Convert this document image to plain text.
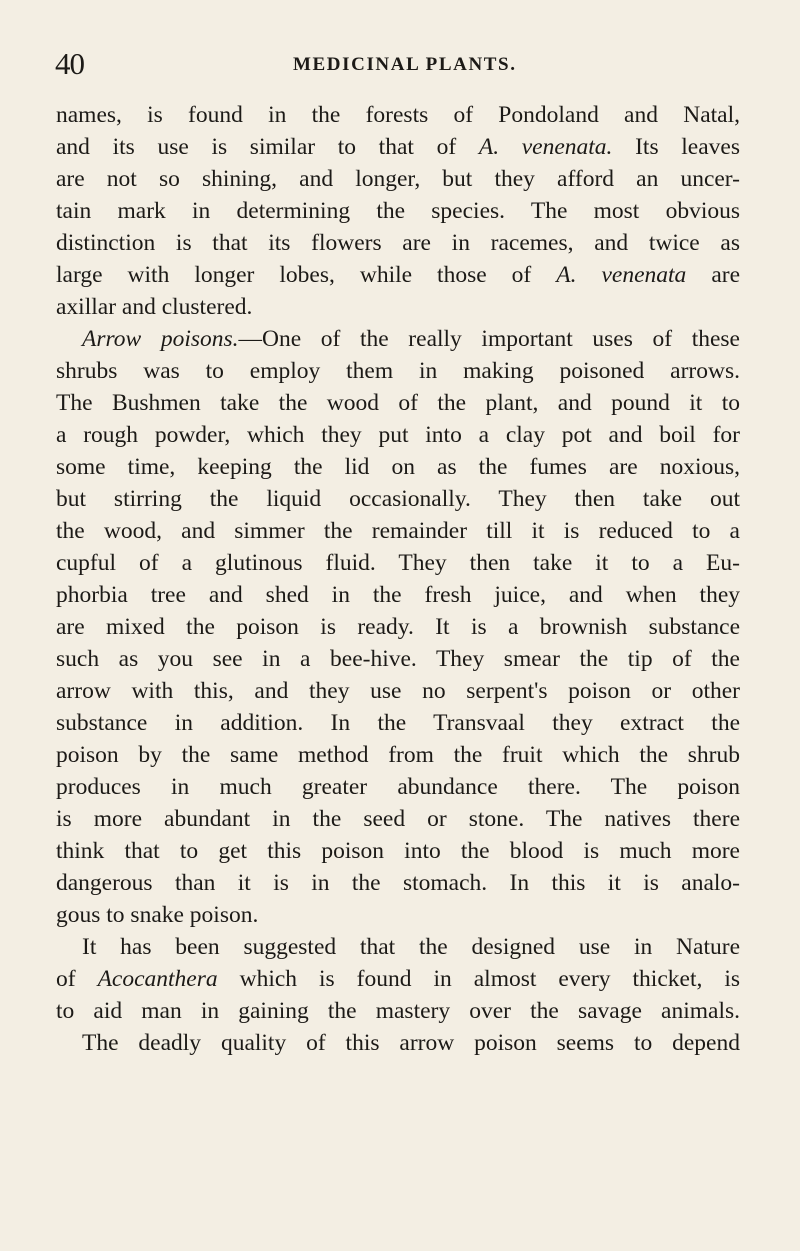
40	MEDICINAL PLANTS.
names, is found in the forests of Pondoland and Natal,
and its use is similar to that of A. venenata. Its leaves
are not so shining, and longer, but they afford an uncer-
tain mark in determining the species. The most obvious
distinction is that its flowers are in racemes, and twice as
large with longer lobes, while those of A. venenata are
axillar and clustered.
Arrow poisons.—One of the really important uses of these
shrubs was to employ them in making poisoned arrows.
The Bushmen take the wood of the plant, and pound it to
a rough powder, which they put into a clay pot and boil for
some time, keeping the lid on as the fumes are noxious,
but stirring the liquid occasionally. They then take out
the wood, and simmer the remainder till it is reduced to a
cupful of a glutinous fluid. They then take it to a Eu-
phorbia tree and shed in the fresh juice, and when they
are mixed the poison is ready. It is a brownish substance
such as you see in a bee-hive. They smear the tip of the
arrow with this, and they use no serpent's poison or other
substance in addition. In the Transvaal they extract the
poison by the same method from the fruit which the shrub
produces in much greater abundance there. The poison
is more abundant in the seed or stone. The natives there
think that to get this poison into the blood is much more
dangerous than it is in the stomach. In this it is analo-
gous to snake poison.
It has been suggested that the designed use in Nature
of Acocanthera which is found in almost every thicket, is
to aid man in gaining the mastery over the savage animals.
The deadly quality of this arrow poison seems to depend
